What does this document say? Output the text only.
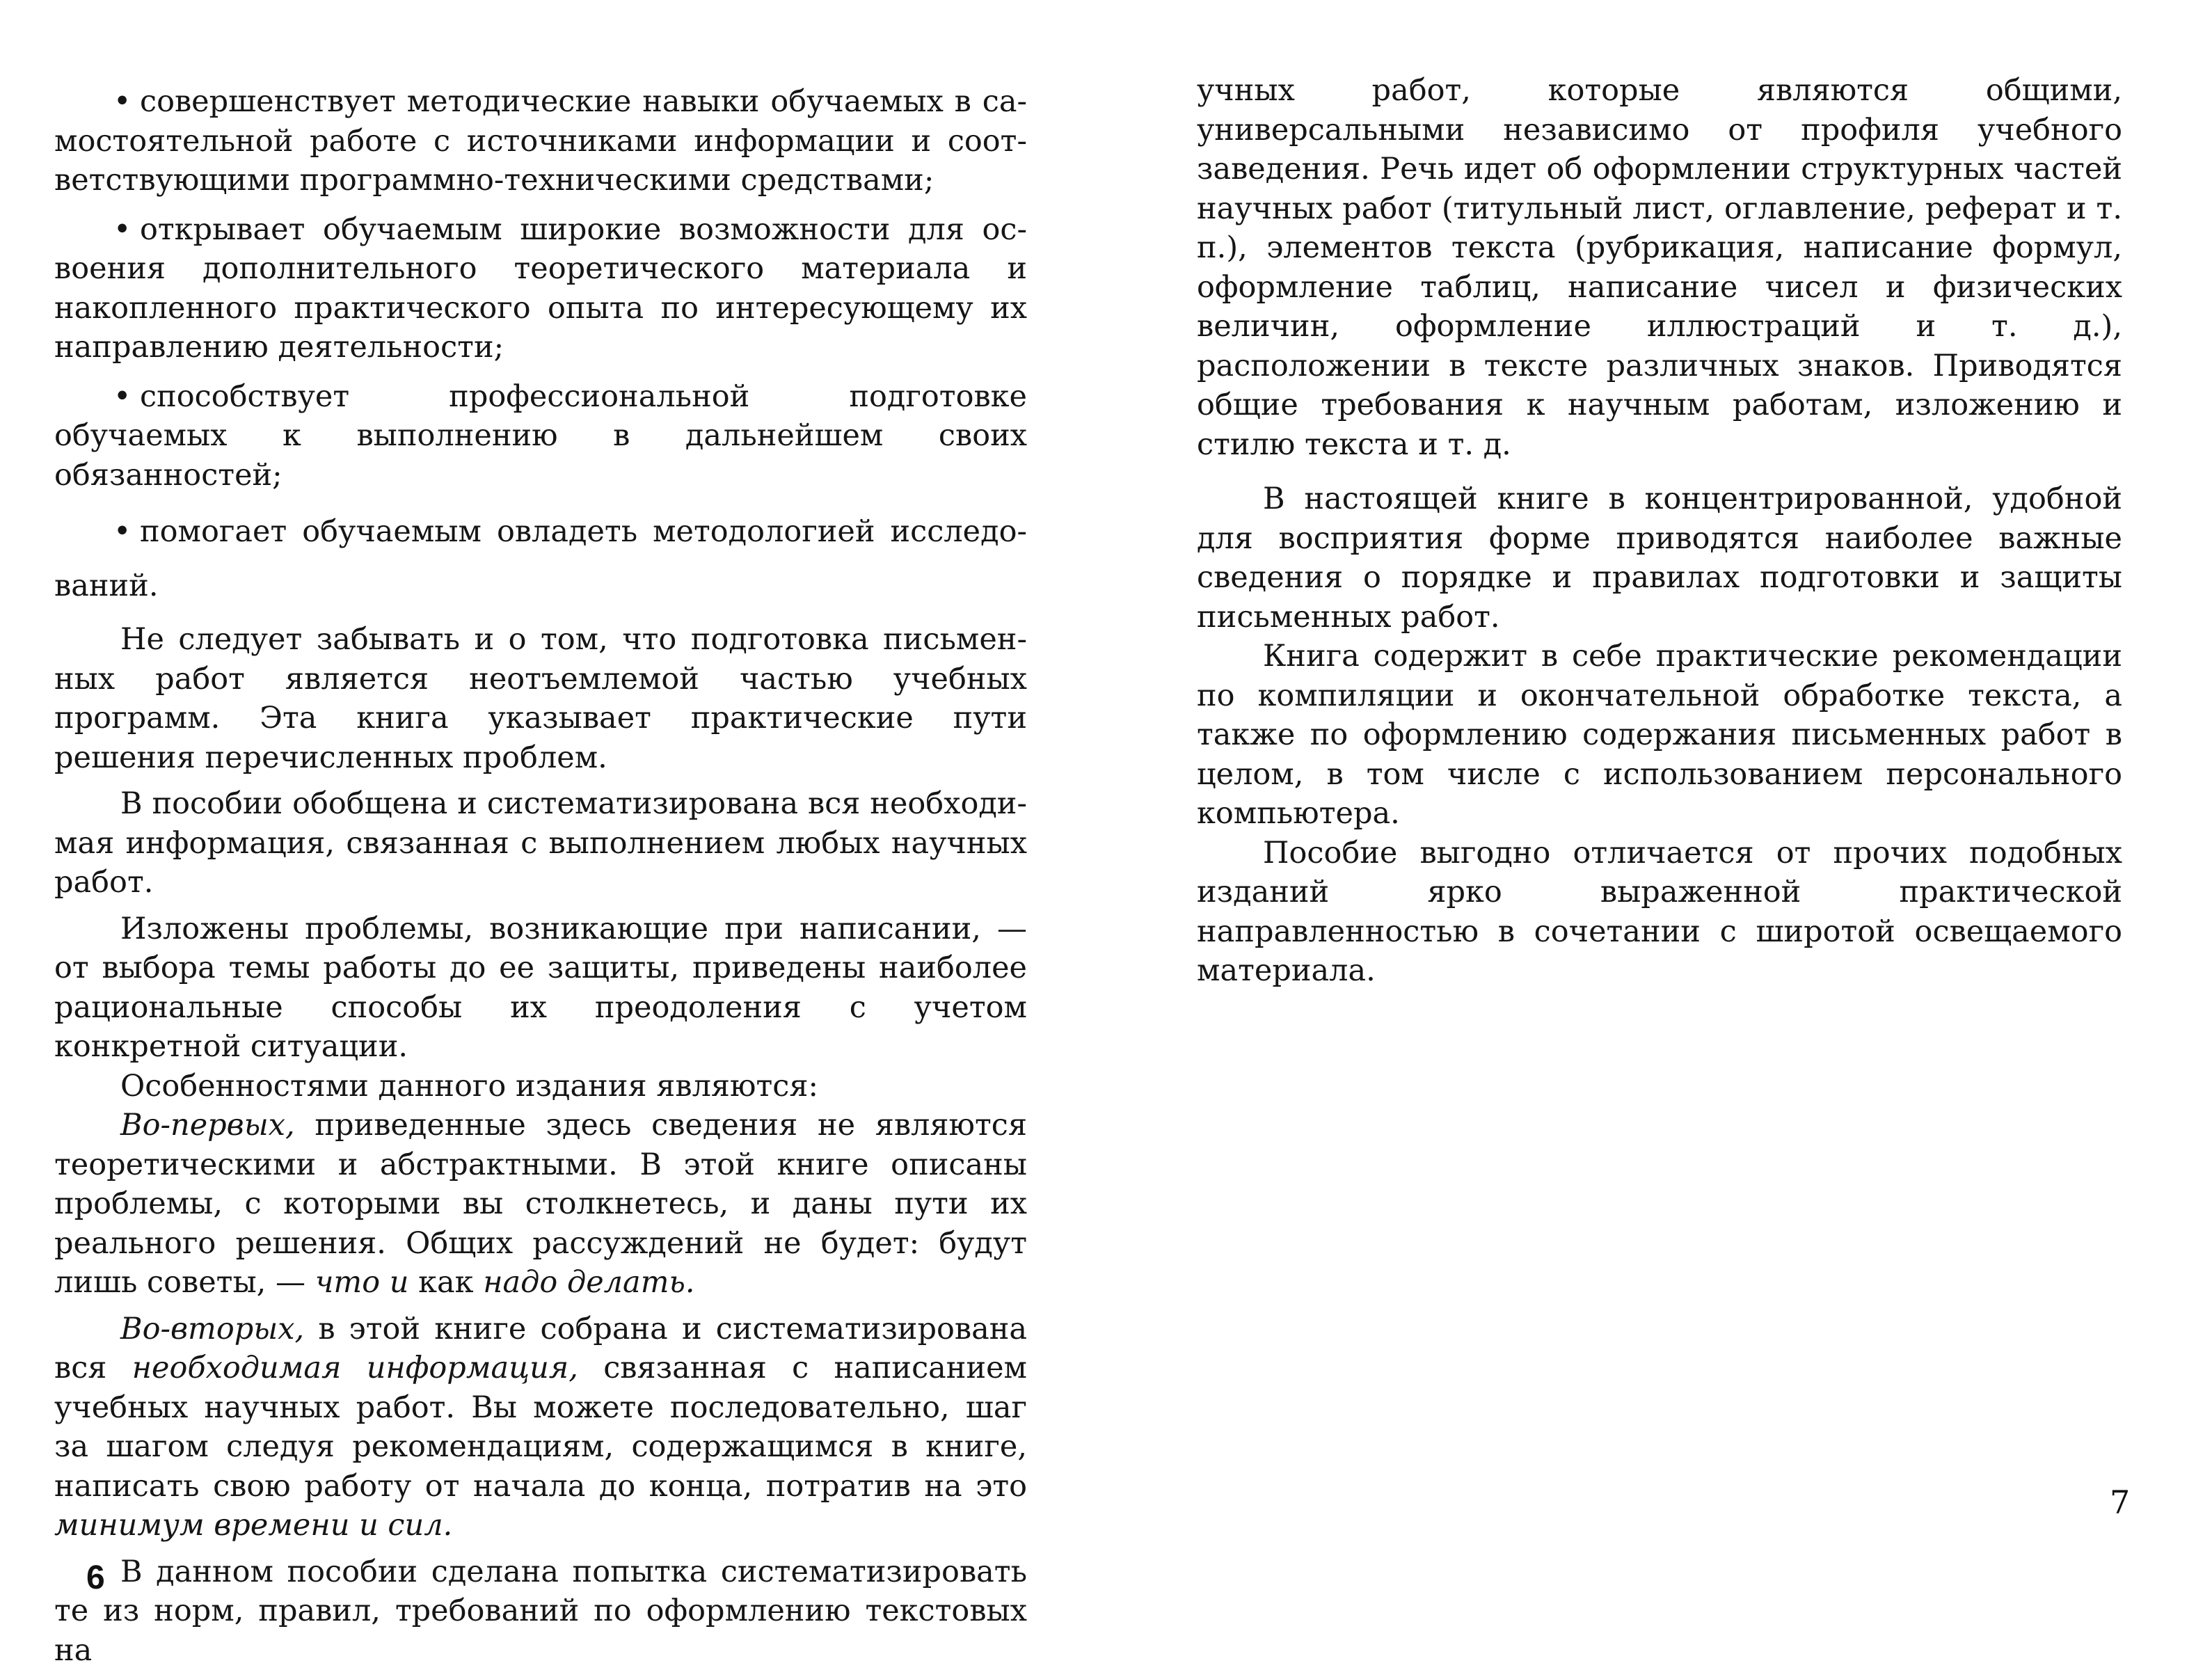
• совершенствует методические навыки обучаемых в самостоятельной работе с источниками информации и соответствующими программно-техническими средствами;

• открывает обучаемым широкие возможности для освоения дополнительного теоретического материала и накопленного практического опыта по интересующему их направлению деятельности;

• способствует профессиональной подготовке обучаемых к выполнению в дальнейшем своих обязанностей;

• помогает обучаемым овладеть методологией исследований.

Не следует забывать и о том, что подготовка письменных работ является неотъемлемой частью учебных программ. Эта книга указывает практические пути решения перечисленных проблем.

В пособии обобщена и систематизирована вся необходимая информация, связанная с выполнением любых научных работ.

Изложены проблемы, возникающие при написании, — от выбора темы работы до ее защиты, приведены наиболее рациональные способы их преодоления с учетом конкретной ситуации.

Особенностями данного издания являются:

Во-первых, приведенные здесь сведения не являются теоретическими и абстрактными. В этой книге описаны проблемы, с которыми вы столкнетесь, и даны пути их реального решения. Общих рассуждений не будет: будут лишь советы, — что и как надо делать.

Во-вторых, в этой книге собрана и систематизирована вся необходимая информация, связанная с написанием учебных научных работ. Вы можете последовательно, шаг за шагом следуя рекомендациям, содержащимся в книге, написать свою работу от начала до конца, потратив на это минимум времени и сил.

В данном пособии сделана попытка систематизировать те из норм, правил, требований по оформлению текстовых на

6

учных работ, которые являются общими, универсальными независимо от профиля учебного заведения. Речь идет об оформлении структурных частей научных работ (титульный лист, оглавление, реферат и т. п.), элементов текста (рубрикация, написание формул, оформление таблиц, написание чисел и физических величин, оформление иллюстраций и т. д.), расположении в тексте различных знаков. Приводятся общие требования к научным работам, изложению и стилю текста и т. д.

В настоящей книге в концентрированной, удобной для восприятия форме приводятся наиболее важные сведения о порядке и правилах подготовки и защиты письменных работ.

Книга содержит в себе практические рекомендации по компиляции и окончательной обработке текста, а также по оформлению содержания письменных работ в целом, в том числе с использованием персонального компьютера.

Пособие выгодно отличается от прочих подобных изданий ярко выраженной практической направленностью в сочетании с широтой освещаемого материала.

7
